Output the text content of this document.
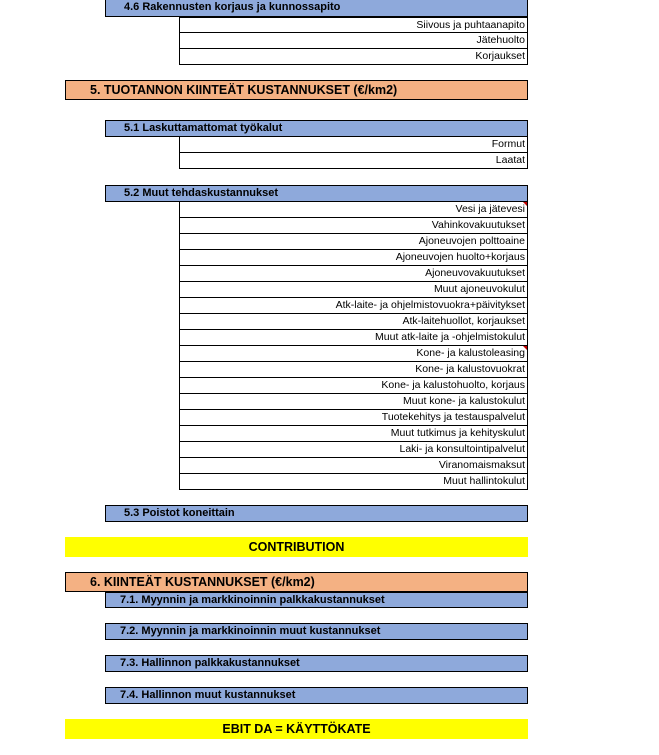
4.6 Rakennusten korjaus ja kunnossapito
Siivous ja puhtaanapito
Jätehuolto
Korjaukset
5. TUOTANNON KIINTEÄT KUSTANNUKSET (€/km2)
5.1 Laskuttamattomat työkalut
Formut
Laatat
5.2 Muut tehdaskustannukset
Vesi ja jätevesi
Vahinkovakuutukset
Ajoneuvojen polttoaine
Ajoneuvojen huolto+korjaus
Ajoneuvovakuutukset
Muut ajoneuvokulut
Atk-laite- ja ohjelmistovuokra+päivitykset
Atk-laitehuollot, korjaukset
Muut atk-laite ja -ohjelmistokulut
Kone- ja kalustoleasing
Kone- ja kalustovuokrat
Kone- ja kalustohuolto, korjaus
Muut kone- ja kalustokulut
Tuotekehitys ja testauspalvelut
Muut tutkimus ja kehityskulut
Laki- ja konsultointipalvelut
Viranomaismaksut
Muut hallintokulut
5.3 Poistot koneittain
CONTRIBUTION
6. KIINTEÄT KUSTANNUKSET (€/km2)
7.1. Myynnin ja markkinoinnin palkkakustannukset
7.2. Myynnin ja markkinoinnin muut kustannukset
7.3. Hallinnon palkkakustannukset
7.4. Hallinnon muut kustannukset
EBIT DA = KÄYTTÖKATE
